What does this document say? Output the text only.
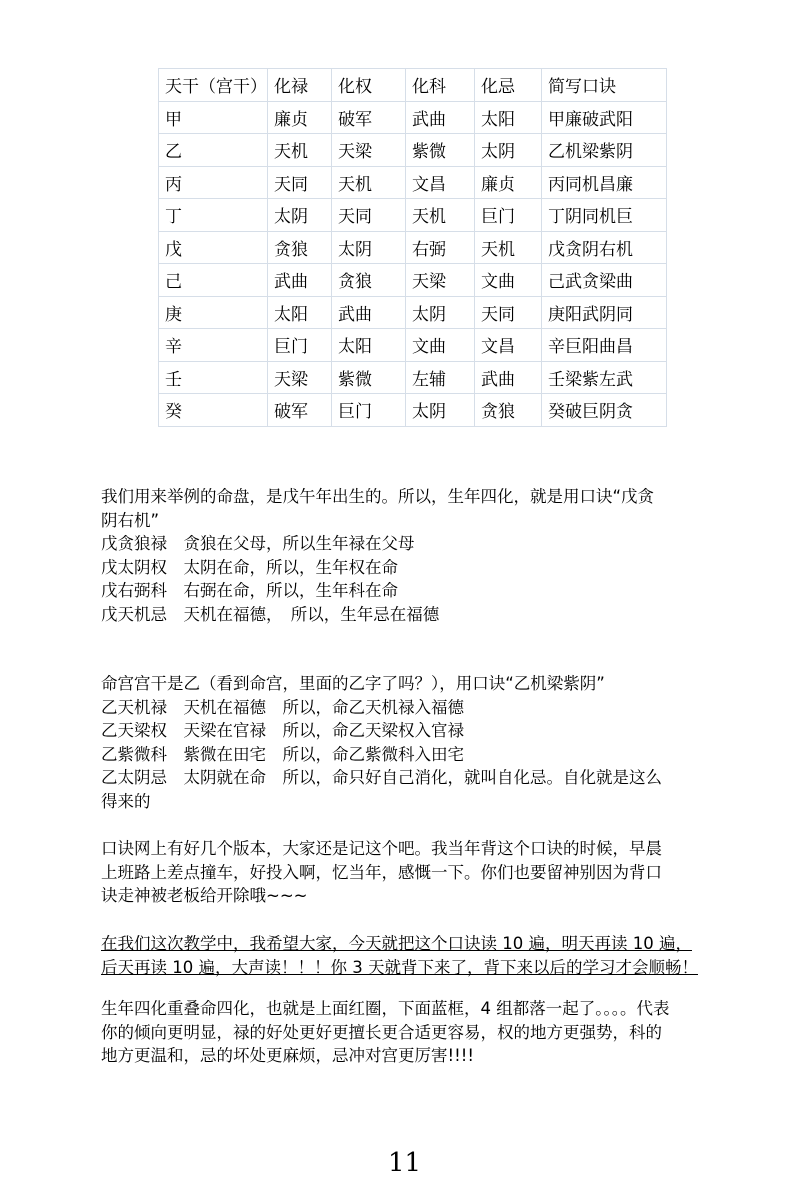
天干（宫干）	化禄	化权	化科	化忌	简写口诀
甲	廉贞	破军	武曲	太阳	甲廉破武阳
乙	天机	天梁	紫微	太阴	乙机梁紫阴
丙	天同	天机	文昌	廉贞	丙同机昌廉
丁	太阴	天同	天机	巨门	丁阴同机巨
戊	贪狼	太阴	右弼	天机	戊贪阴右机
己	武曲	贪狼	天梁	文曲	己武贪梁曲
庚	太阳	武曲	太阴	天同	庚阳武阴同
辛	巨门	太阳	文曲	文昌	辛巨阳曲昌
壬	天梁	紫微	左辅	武曲	壬梁紫左武
癸	破军	巨门	太阴	贪狼	癸破巨阴贪
我们用来举例的命盘，是戊午年出生的。所以，生年四化，就是用口诀“戊贪
阴右机”
戊贪狼禄　贪狼在父母，所以生年禄在父母
戊太阴权　太阴在命，所以，生年权在命
戊右弼科　右弼在命，所以，生年科在命
戊天机忌　天机在福德，　所以，生年忌在福德
命宫宫干是乙（看到命宫，里面的乙字了吗？），用口诀“乙机梁紫阴”
乙天机禄　天机在福德　所以，命乙天机禄入福德
乙天梁权　天梁在官禄　所以，命乙天梁权入官禄
乙紫微科　紫微在田宅　所以，命乙紫微科入田宅
乙太阴忌　太阴就在命　所以，命只好自己消化，就叫自化忌。自化就是这么
得来的
口诀网上有好几个版本，大家还是记这个吧。我当年背这个口诀的时候，早晨
上班路上差点撞车，好投入啊，忆当年，感慨一下。你们也要留神别因为背口
诀走神被老板给开除哦~~~
在我们这次教学中，我希望大家，今天就把这个口诀读 10 遍，明天再读 10 遍，
后天再读 10 遍，大声读！！！你 3 天就背下来了，背下来以后的学习才会顺畅！
生年四化重叠命四化，也就是上面红圈，下面蓝框，4 组都落一起了。。。。代表
你的倾向更明显，禄的好处更好更擅长更合适更容易，权的地方更强势，科的
地方更温和，忌的坏处更麻烦，忌冲对宫更厉害!!!!
11
